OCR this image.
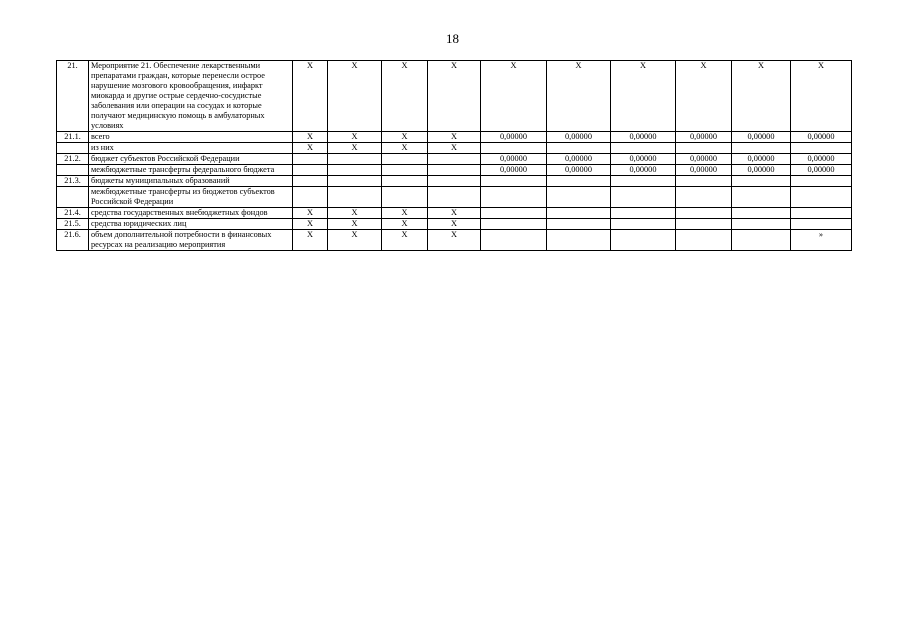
18
21.	Мероприятие 21. Обеспечение лекарственными препаратами граждан, которые перенесли острое нарушение мозгового кровообращения, инфаркт миокарда и другие острые сердечно-сосудистые заболевания или операции на сосудах и которые получают медицинскую помощь в амбулаторных условиях	X	X	X	X	X	X	X	X	X	X
21.1.	всего	X	X	X	X	0,00000	0,00000	0,00000	0,00000	0,00000	0,00000
	из них	X	X	X	X						
21.2.	бюджет субъектов Российской Федерации					0,00000	0,00000	0,00000	0,00000	0,00000	0,00000
	межбюджетные трансферты федерального бюджета					0,00000	0,00000	0,00000	0,00000	0,00000	0,00000
21.3.	бюджеты муниципальных образований										
	межбюджетные трансферты из бюджетов субъектов Российской Федерации										
21.4.	средства государственных внебюджетных фондов	X	X	X	X						
21.5.	средства юридических лиц	X	X	X	X						
21.6.	объем дополнительной потребности в финансовых ресурсах на реализацию мероприятия	X	X	X	X						»
